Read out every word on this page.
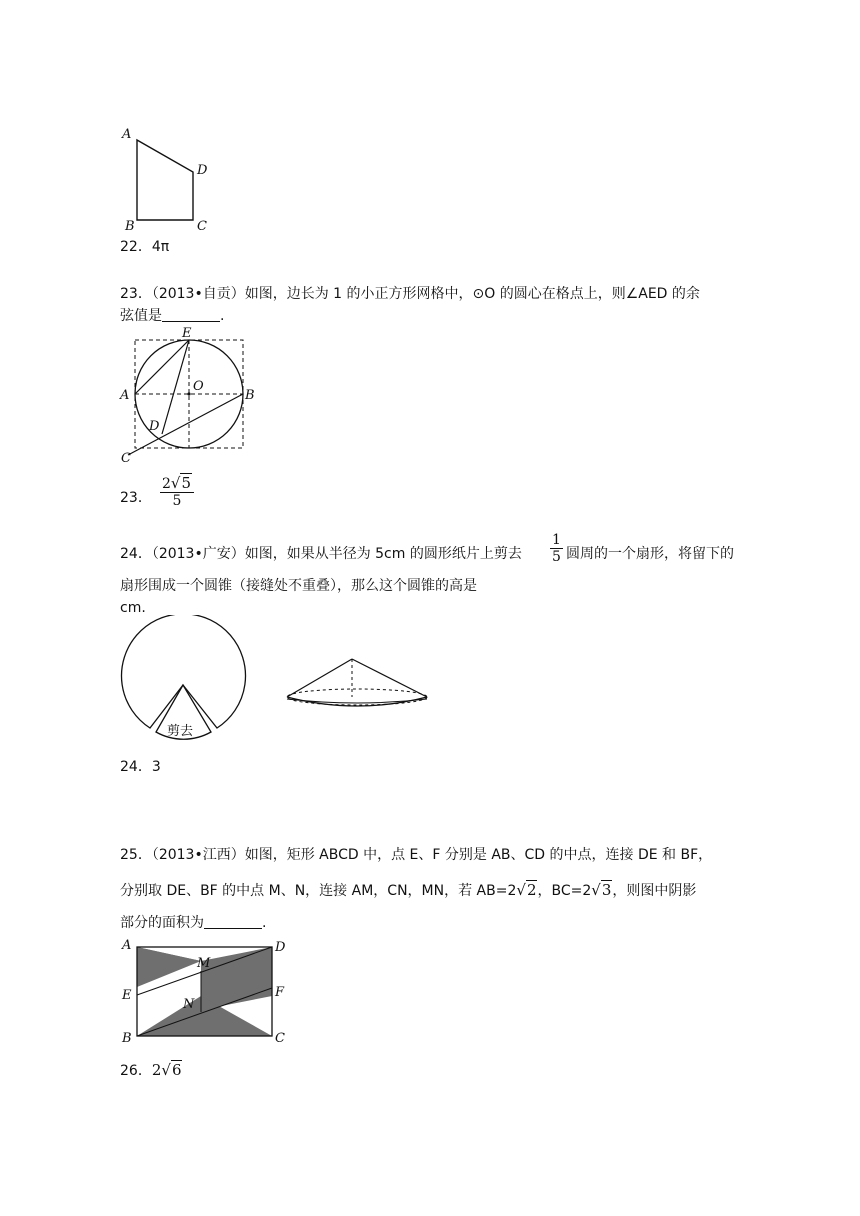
A
D
B	C
22．4π
23．（2013•自贡）如图，边长为 1 的小正方形网格中，⊙O 的圆心在格点上，则∠AED 的余
弦值是	.
E
A
O
B
D
C
23． $\frac{2√5}{5}$
24．（2013•广安）如图，如果从半径为 5cm 的圆形纸片上剪去 $\frac{1}{5}$ 圆周的一个扇形，将留下的
扇形围成一个圆锥（接缝处不重叠），那么这个圆锥的高是
cm.
剪去
24．3
25．（2013•江西）如图，矩形 ABCD 中，点 E、F 分别是 AB、CD 的中点，连接 DE 和 BF，
分别取 DE、BF 的中点 M、N，连接 AM，CN，MN，若 AB=2√2，BC=2√3，则图中阴影
部分的面积为	.
A	D
M
E	F
N
B	C
26．2√6
